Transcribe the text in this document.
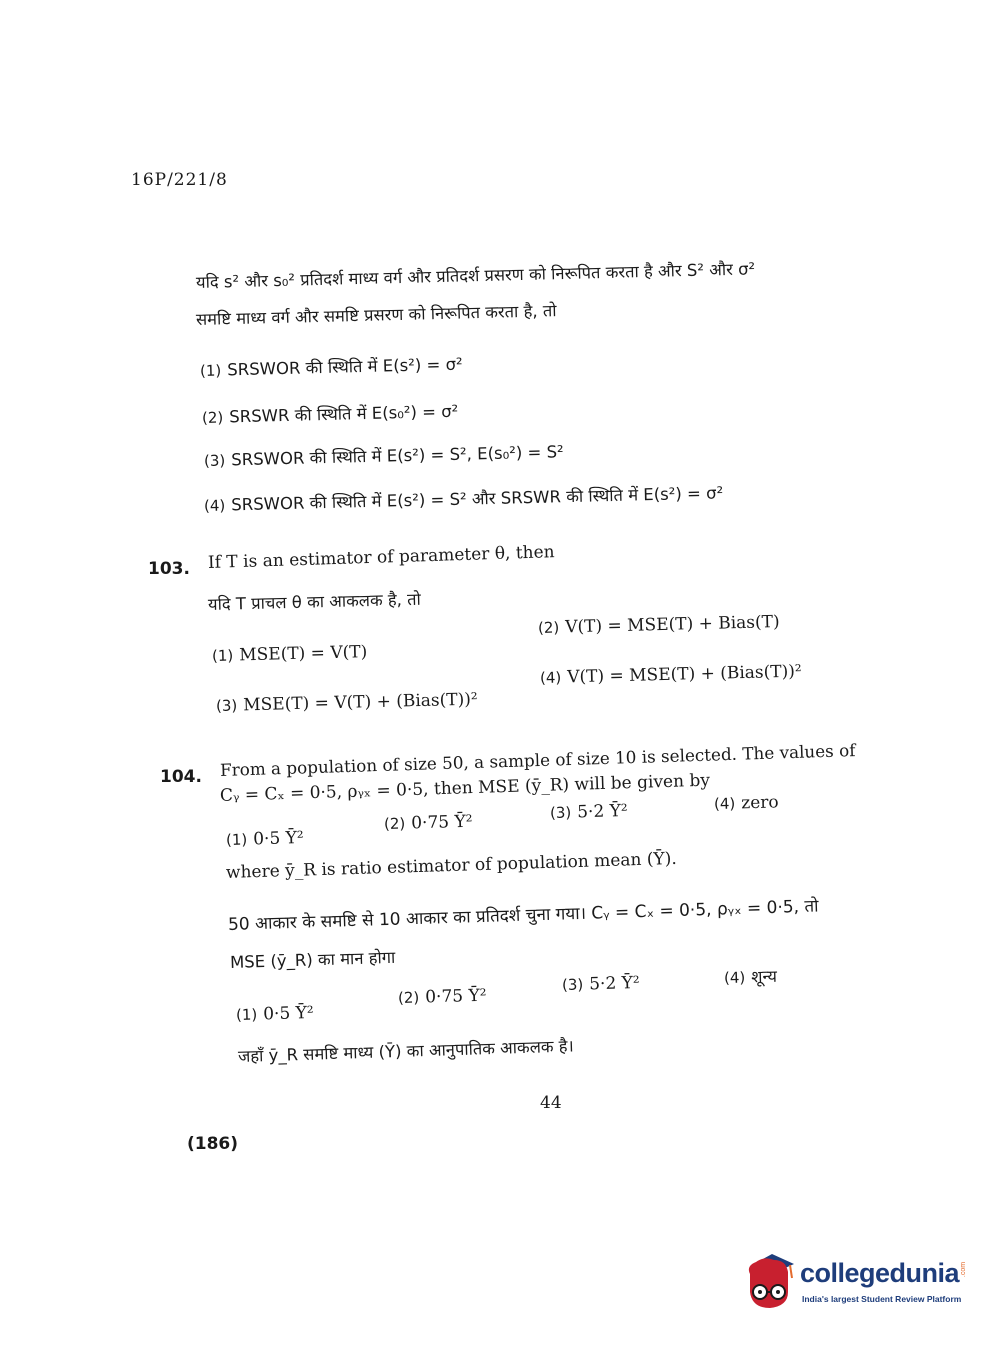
16P/221/8
यदि s² और s₀² प्रतिदर्श माध्य वर्ग और प्रतिदर्श प्रसरण को निरूपित करता है और S² और σ²
समष्टि माध्य वर्ग और समष्टि प्रसरण को निरूपित करता है, तो
(1) SRSWOR की स्थिति में E(s²) = σ²
(2) SRSWR की स्थिति में E(s₀²) = σ²
(3) SRSWOR की स्थिति में E(s²) = S², E(s₀²) = S²
(4) SRSWOR की स्थिति में E(s²) = S² और SRSWR की स्थिति में E(s²) = σ²
103. If T is an estimator of parameter θ, then
यदि T प्राचल θ का आकलक है, तो
(1) MSE(T) = V(T)
(2) V(T) = MSE(T) + Bias(T)
(3) MSE(T) = V(T) + (Bias(T))²
(4) V(T) = MSE(T) + (Bias(T))²
104. From a population of size 50, a sample of size 10 is selected. The values of
Cᵧ = Cₓ = 0·5, ρᵧₓ = 0·5, then MSE (ȳ_R) will be given by
(1) 0·5 Ȳ²
(2) 0·75 Ȳ²	(3) 5·2 Ȳ²	(4) zero
where ȳ_R is ratio estimator of population mean (Ȳ).
50 आकार के समष्टि से 10 आकार का प्रतिदर्श चुना गया। Cᵧ = Cₓ = 0·5, ρᵧₓ = 0·5, तो
MSE (ȳ_R) का मान होगा
(1) 0·5 Ȳ²
(2) 0·75 Ȳ²
(3) 5·2 Ȳ²	(4) शून्य
जहाँ ȳ_R समष्टि माध्य (Ȳ) का आनुपातिक आकलक है।
44
(186)
collegedunia .com
India's largest Student Review Platform
